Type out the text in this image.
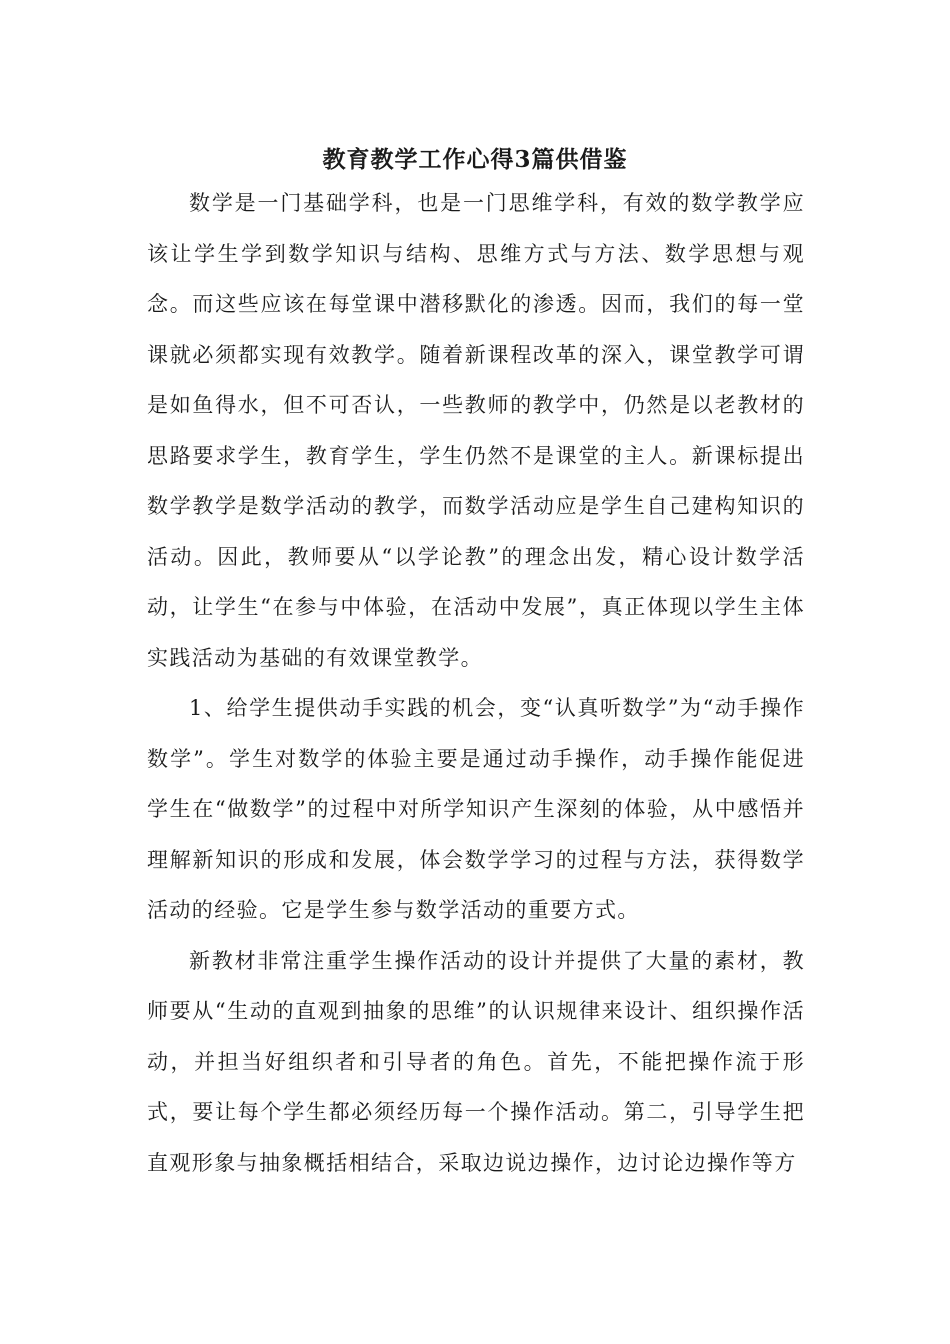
教育教学工作心得3篇供借鉴

数学是一门基础学科，也是一门思维学科，有效的数学教学应该让学生学到数学知识与结构、思维方式与方法、数学思想与观念。而这些应该在每堂课中潜移默化的渗透。因而，我们的每一堂课就必须都实现有效教学。随着新课程改革的深入，课堂教学可谓是如鱼得水，但不可否认，一些教师的教学中，仍然是以老教材的思路要求学生，教育学生，学生仍然不是课堂的主人。新课标提出数学教学是数学活动的教学，而数学活动应是学生自己建构知识的活动。因此，教师要从“以学论教”的理念出发，精心设计数学活动，让学生“在参与中体验，在活动中发展”，真正体现以学生主体实践活动为基础的有效课堂教学。

1、给学生提供动手实践的机会，变“认真听数学”为“动手操作数学”。学生对数学的体验主要是通过动手操作，动手操作能促进学生在“做数学”的过程中对所学知识产生深刻的体验，从中感悟并理解新知识的形成和发展，体会数学学习的过程与方法，获得数学活动的经验。它是学生参与数学活动的重要方式。

新教材非常注重学生操作活动的设计并提供了大量的素材，教师要从“生动的直观到抽象的思维”的认识规律来设计、组织操作活动，并担当好组织者和引导者的角色。首先，不能把操作流于形式，要让每个学生都必须经历每一个操作活动。第二，引导学生把直观形象与抽象概括相结合，采取边说边操作，边讨论边操作等方
